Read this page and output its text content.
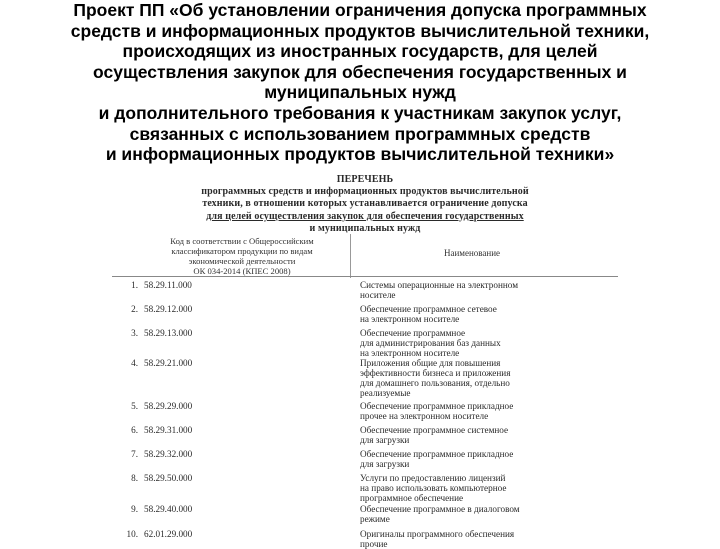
Проект ПП «Об установлении ограничения допуска программных
средств и информационных продуктов вычислительной техники,
происходящих из иностранных государств, для целей
осуществления закупок для обеспечения государственных и
муниципальных нужд
и дополнительного требования к участникам закупок услуг,
связанных с использованием программных средств
и информационных продуктов вычислительной техники»
ПЕРЕЧЕНЬ
программных средств и информационных продуктов вычислительной
техники, в отношении которых устанавливается ограничение допуска
для целей осуществления закупок для обеспечения государственных
и муниципальных нужд
Код в соответствии с Общероссийским
классификатором продукции по видам
экономической деятельности
ОК 034-2014 (КПЕС 2008)
Наименование
1. 58.29.11.000	Системы операционные на электронном
носителе
2. 58.29.12.000	Обеспечение программное сетевое
на электронном носителе
3. 58.29.13.000	Обеспечение программное
для администрирования баз данных
на электронном носителе
4. 58.29.21.000	Приложения общие для повышения
эффективности бизнеса и приложения
для домашнего пользования, отдельно
реализуемые
5. 58.29.29.000	Обеспечение программное прикладное
прочее на электронном носителе
6. 58.29.31.000	Обеспечение программное системное
для загрузки
7. 58.29.32.000	Обеспечение программное прикладное
для загрузки
8. 58.29.50.000	Услуги по предоставлению лицензий
на право использовать компьютерное
программное обеспечение
9. 58.29.40.000	Обеспечение программное в диалоговом
режиме
10. 62.01.29.000	Оригиналы программного обеспечения
прочие
